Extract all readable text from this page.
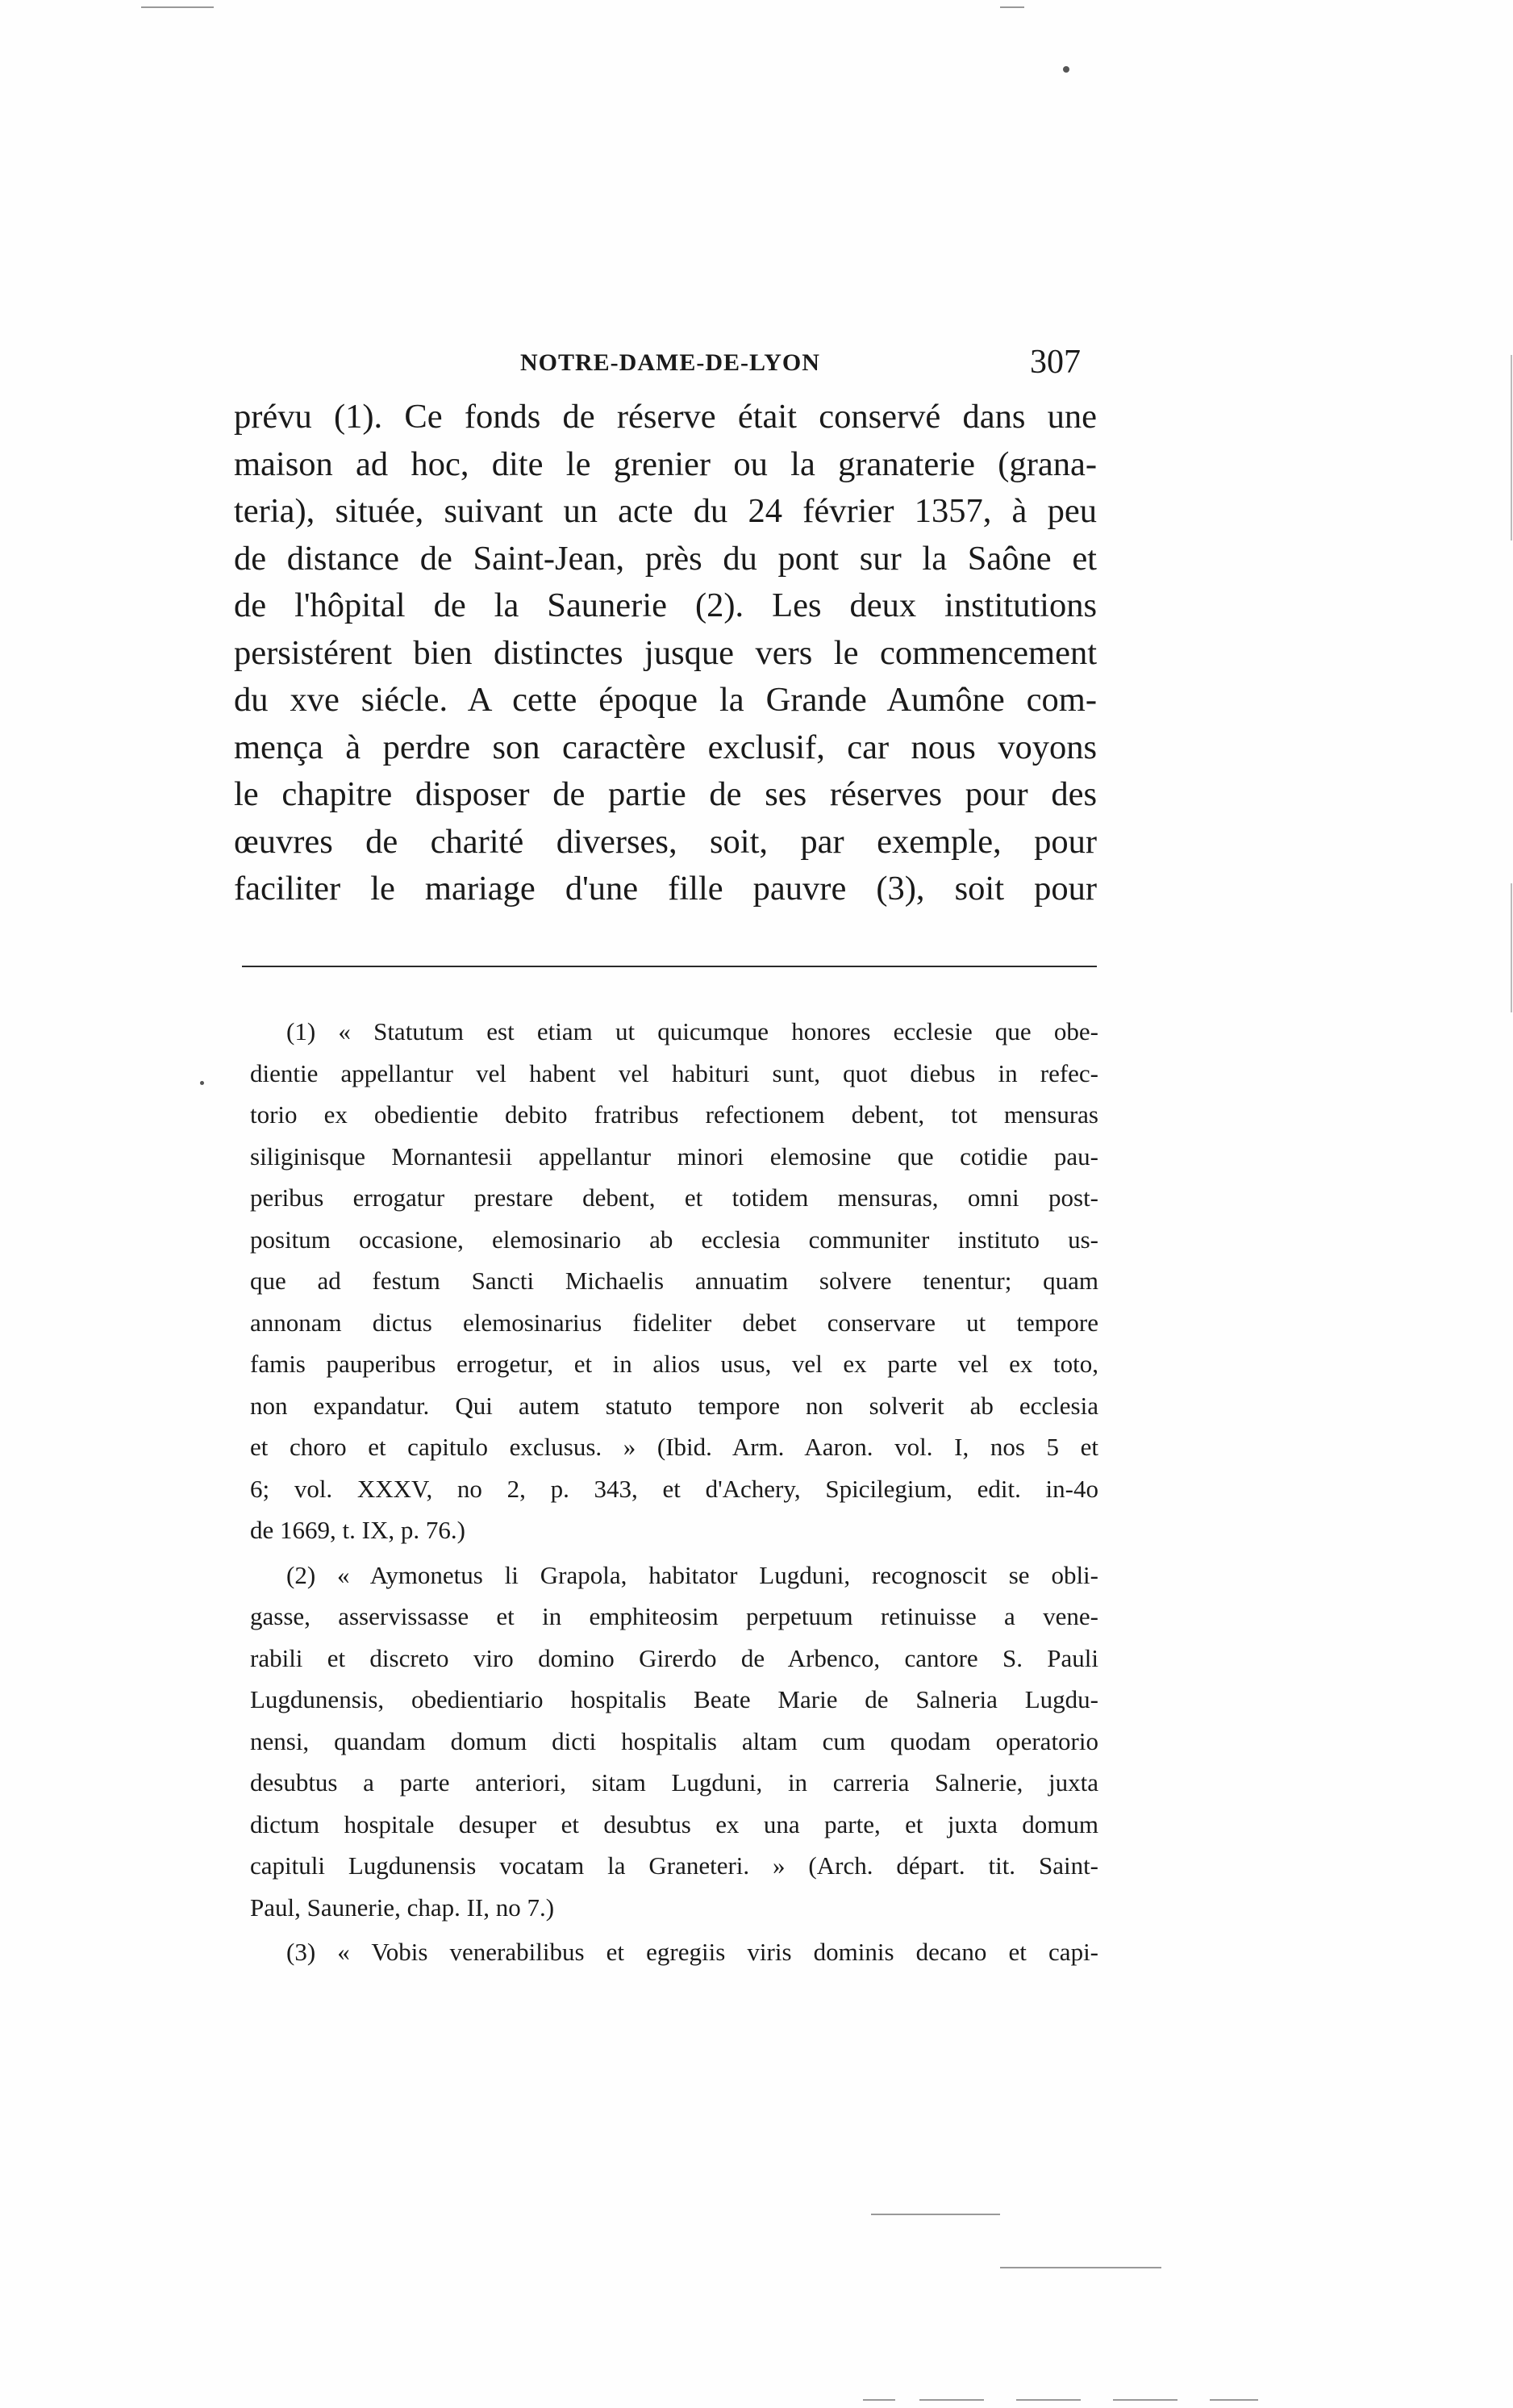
NOTRE-DAME-DE-LYON	307
prévu (1). Ce fonds de réserve était conservé dans une
maison ad hoc, dite le grenier ou la granaterie (grana-
teria), située, suivant un acte du 24 février 1357, à peu
de distance de Saint-Jean, près du pont sur la Saône et
de l'hôpital de la Saunerie (2). Les deux institutions
persistérent bien distinctes jusque vers le commencement
du xve siécle. A cette époque la Grande Aumône com-
mença à perdre son caractère exclusif, car nous voyons
le chapitre disposer de partie de ses réserves pour des
œuvres de charité diverses, soit, par exemple, pour
faciliter le mariage d'une fille pauvre (3), soit pour
(1) « Statutum est etiam ut quicumque honores ecclesie que obe-
dientie appellantur vel habent vel habituri sunt, quot diebus in refec-
torio ex obedientie debito fratribus refectionem debent, tot mensuras
siliginisque Mornantesii appellantur minori elemosine que cotidie pau-
peribus errogatur prestare debent, et totidem mensuras, omni post-
positum occasione, elemosinario ab ecclesia communiter instituto us-
que ad festum Sancti Michaelis annuatim solvere tenentur; quam
annonam dictus elemosinarius fideliter debet conservare ut tempore
famis pauperibus errogetur, et in alios usus, vel ex parte vel ex toto,
non expandatur. Qui autem statuto tempore non solverit ab ecclesia
et choro et capitulo exclusus. » (Ibid. Arm. Aaron. vol. I, nos 5 et
6; vol. XXXV, no 2, p. 343, et d'Achery, Spicilegium, edit. in-4o
de 1669, t. IX, p. 76.)
(2) « Aymonetus li Grapola, habitator Lugduni, recognoscit se obli-
gasse, asservissasse et in emphiteosim perpetuum retinuisse a vene-
rabili et discreto viro domino Girerdo de Arbenco, cantore S. Pauli
Lugdunensis, obedientiario hospitalis Beate Marie de Salneria Lugdu-
nensi, quandam domum dicti hospitalis altam cum quodam operatorio
desubtus a parte anteriori, sitam Lugduni, in carreria Salnerie, juxta
dictum hospitale desuper et desubtus ex una parte, et juxta domum
capituli Lugdunensis vocatam la Graneteri. » (Arch. départ. tit. Saint-
Paul, Saunerie, chap. II, no 7.)
(3) « Vobis venerabilibus et egregiis viris dominis decano et capi-
